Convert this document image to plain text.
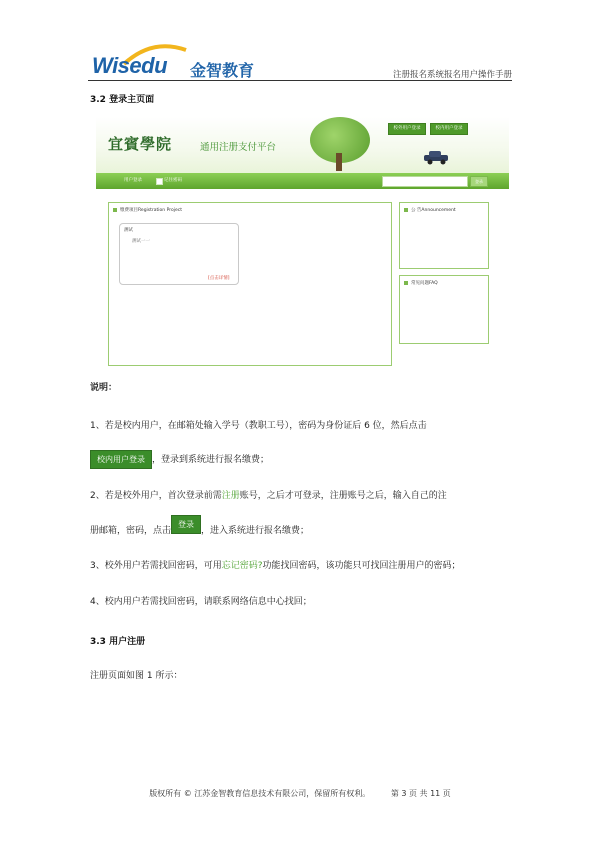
Wisedu 金智教育	注册报名系统报名用户操作手册
3.2 登录主页面
宜賓學院	通用注册支付平台
校外用户登录	校内用户登录
用户登录	记住密码	登录
缴费项目Registration Project
测试
测试一一
[点击详情]
公 告Announcement
常见问题FAQ
说明：
1、若是校内用户，在邮箱处输入学号（教职工号），密码为身份证后 6 位，然后点击
校内用户登录 ，登录到系统进行报名缴费；
2、若是校外用户，首次登录前需注册账号，之后才可登录，注册账号之后，输入自己的注
册邮箱，密码，点击登录，进入系统进行报名缴费；
3、校外用户若需找回密码，可用忘记密码?功能找回密码，该功能只可找回注册用户的密码；
4、校内用户若需找回密码，请联系网络信息中心找回；
3.3 用户注册
注册页面如图 1 所示：
版权所有 © 江苏金智教育信息技术有限公司，保留所有权利。	第 3 页 共 11 页
